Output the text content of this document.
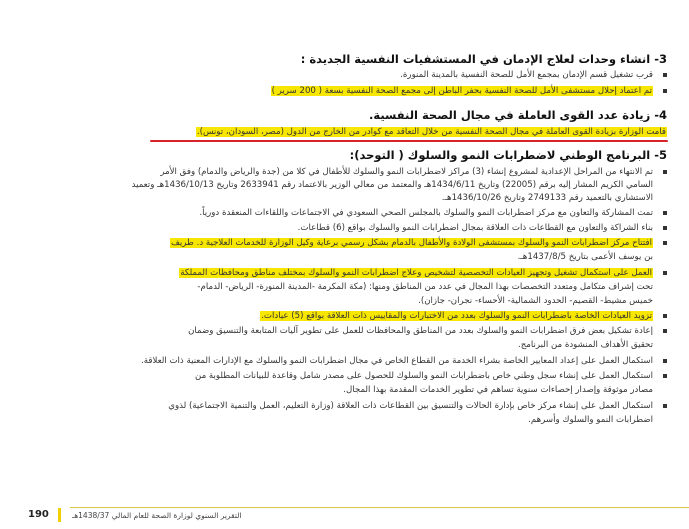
3- انشاء وحدات لعلاج الإدمان في المستشفيات النفسية الجديدة :
قرب تشغيل قسم الإدمان بمجمع الأمل للصحة النفسية بالمدينة المنورة.
تم اعتماد إحلال مستشفى الأمل للصحة النفسية بحفر الباطن إلى مجمع الصحة النفسية بسعة ( 200 سرير )
4- زيادة عدد القوى العاملة في مجال الصحة النفسية.
قامت الوزارة بزيادة القوى العاملة في مجال الصحة النفسية من خلال التعاقد مع كوادر من الخارج من الدول (مصر، السودان، تونس).
5- البرنامج الوطني لاضطرابات النمو والسلوك ( التوحد):
تم الانتهاء من المراحل الإعدادية لمشروع إنشاء (3) مراكز لاضطرابات النمو والسلوك للأطفال في كلا من (جدة والرياض والدمام) وفق الأمر
السامي الكريم المشار إليه برقم (22005) وتاريخ 1434/6/11هـ والمعتمد من معالي الوزير بالاعتماد رقم 2633941 وتاريخ 1436/10/13هـ وتعميد
الاستشاري بالتعميد رقم 2749133 وتاريخ 1436/10/26هـ.
تمت المشاركة والتعاون مع مركز اضطرابات النمو والسلوك بالمجلس الصحي السعودي في الاجتماعات واللقاءات المنعقدة دورياً.
بناء الشراكة والتعاون مع القطاعات ذات العلاقة بمجال اضطرابات النمو والسلوك بواقع (6) قطاعات.
افتتاح مركز اضطرابات النمو والسلوك بمستشفى الولادة والأطفال بالدمام بشكل رسمي برعاية وكيل الوزارة للخدمات العلاجية د. طريف
بن يوسف الأعمى بتاريخ 1437/8/5هـ.
العمل على استكمال تشغيل وتجهيز العيادات التخصصية لتشخيص وعلاج اضطرابات النمو والسلوك بمختلف مناطق ومحافظات المملكة
تحت إشراف متكامل ومتعدد التخصصات بهذا المجال في عدد من المناطق ومنها: (مكة المكرمة -المدينة المنورة- الرياض- الدمام-
خميس مشيط- القصيم- الحدود الشمالية- الأحساء- نجران- جازان).
تزويد العيادات الخاصة باضطرابات النمو والسلوك بعدد من الاختبارات والمقاييس ذات العلاقة بواقع (5) عيادات.
إعادة تشكيل بعض فرق اضطرابات النمو والسلوك بعدد من المناطق والمحافظات للعمل على تطوير آليات المتابعة والتنسيق وضمان
تحقيق الأهداف المنشودة من البرنامج.
استكمال العمل على إعداد المعايير الخاصة بشراء الخدمة من القطاع الخاص في مجال اضطرابات النمو والسلوك مع الإدارات المعنية ذات العلاقة.
استكمال العمل على إنشاء سجل وطني خاص باضطرابات النمو والسلوك للحصول على مصدر شامل وقاعدة للبيانات المطلوبة من
مصادر موثوقة وإصدار إحصاءات سنوية تساهم في تطوير الخدمات المقدمة بهذا المجال.
استكمال العمل على إنشاء مركز خاص بإدارة الحالات والتنسيق بين القطاعات ذات العلاقة (وزارة التعليم، العمل والتنمية الاجتماعية) لذوي
اضطرابات النمو والسلوك وأسرهم.
190	التقرير السنوي لوزارة الصحة للعام المالي 1438/37هـ
